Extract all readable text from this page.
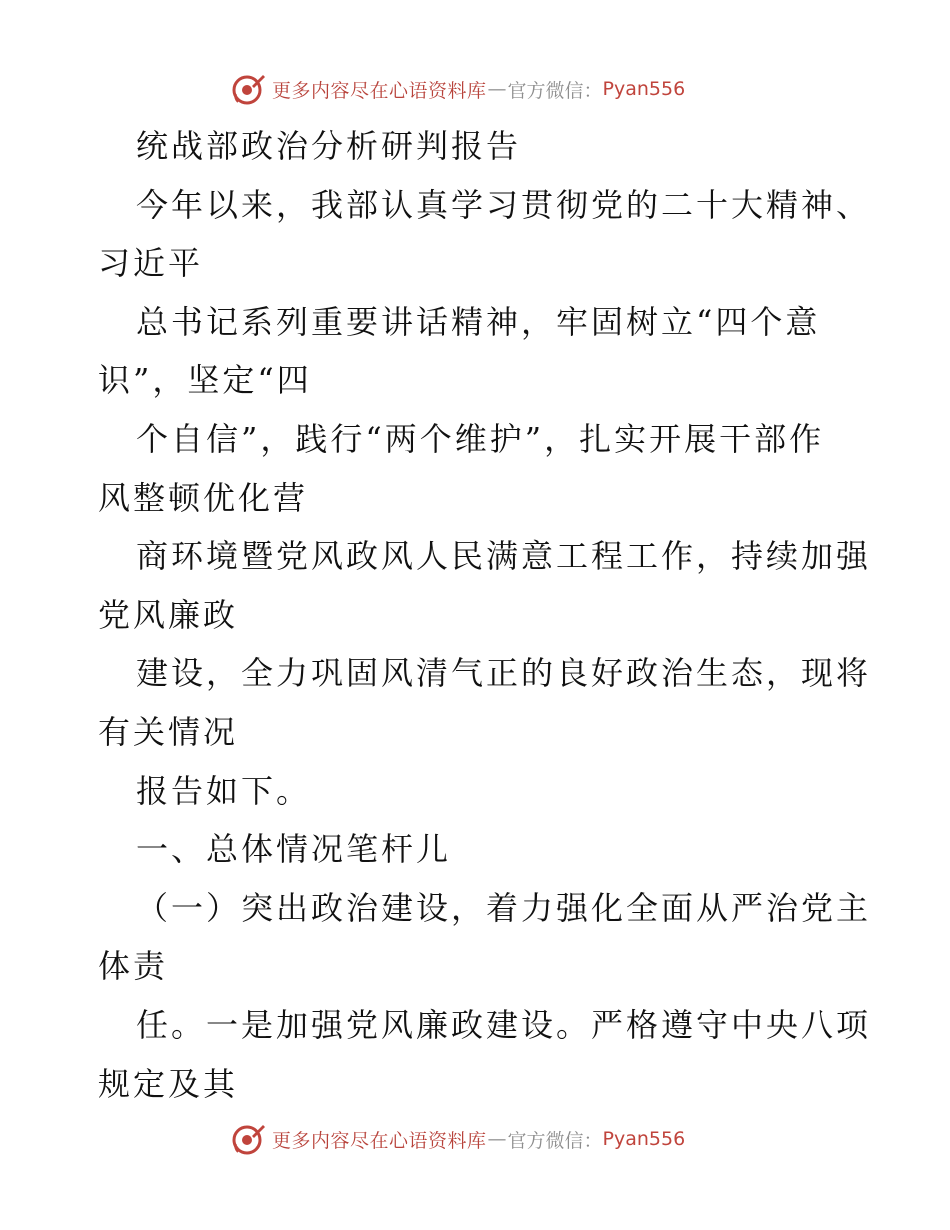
更多内容尽在心语资料库 — 官方微信： Pyan556
统战部政治分析研判报告
今年以来，我部认真学习贯彻党的二十大精神、
习近平
总书记系列重要讲话精神，牢固树立“四个意
识”，坚定“四
个自信”，践行“两个维护”，扎实开展干部作
风整顿优化营
商环境暨党风政风人民满意工程工作，持续加强
党风廉政
建设，全力巩固风清气正的良好政治生态，现将
有关情况
报告如下。
一、总体情况笔杆儿
（一）突出政治建设，着力强化全面从严治党主
体责
任。一是加强党风廉政建设。严格遵守中央八项
规定及其
更多内容尽在心语资料库 — 官方微信： Pyan556
